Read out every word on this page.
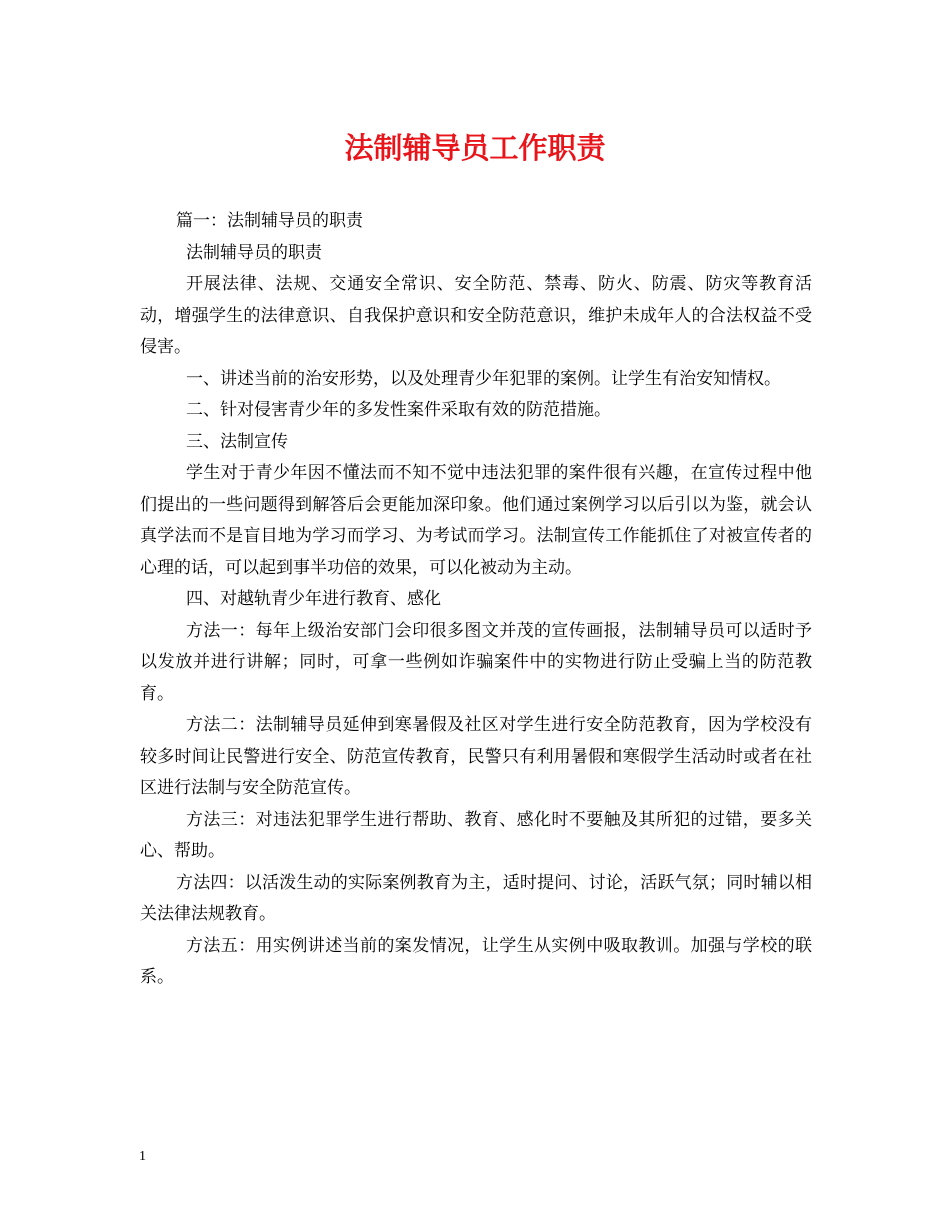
法制辅导员工作职责

篇一：法制辅导员的职责

法制辅导员的职责

开展法律、法规、交通安全常识、安全防范、禁毒、防火、防震、防灾等教育活动，增强学生的法律意识、自我保护意识和安全防范意识，维护未成年人的合法权益不受侵害。

一、讲述当前的治安形势，以及处理青少年犯罪的案例。让学生有治安知情权。

二、针对侵害青少年的多发性案件采取有效的防范措施。

三、法制宣传

学生对于青少年因不懂法而不知不觉中违法犯罪的案件很有兴趣，在宣传过程中他们提出的一些问题得到解答后会更能加深印象。他们通过案例学习以后引以为鉴，就会认真学法而不是盲目地为学习而学习、为考试而学习。法制宣传工作能抓住了对被宣传者的心理的话，可以起到事半功倍的效果，可以化被动为主动。

四、对越轨青少年进行教育、感化

方法一：每年上级治安部门会印很多图文并茂的宣传画报，法制辅导员可以适时予以发放并进行讲解；同时，可拿一些例如诈骗案件中的实物进行防止受骗上当的防范教育。

方法二：法制辅导员延伸到寒暑假及社区对学生进行安全防范教育，因为学校没有较多时间让民警进行安全、防范宣传教育，民警只有利用暑假和寒假学生活动时或者在社区进行法制与安全防范宣传。

方法三：对违法犯罪学生进行帮助、教育、感化时不要触及其所犯的过错，要多关心、帮助。

方法四：以活泼生动的实际案例教育为主，适时提问、讨论，活跃气氛；同时辅以相关法律法规教育。

方法五：用实例讲述当前的案发情况，让学生从实例中吸取教训。加强与学校的联系。

1
